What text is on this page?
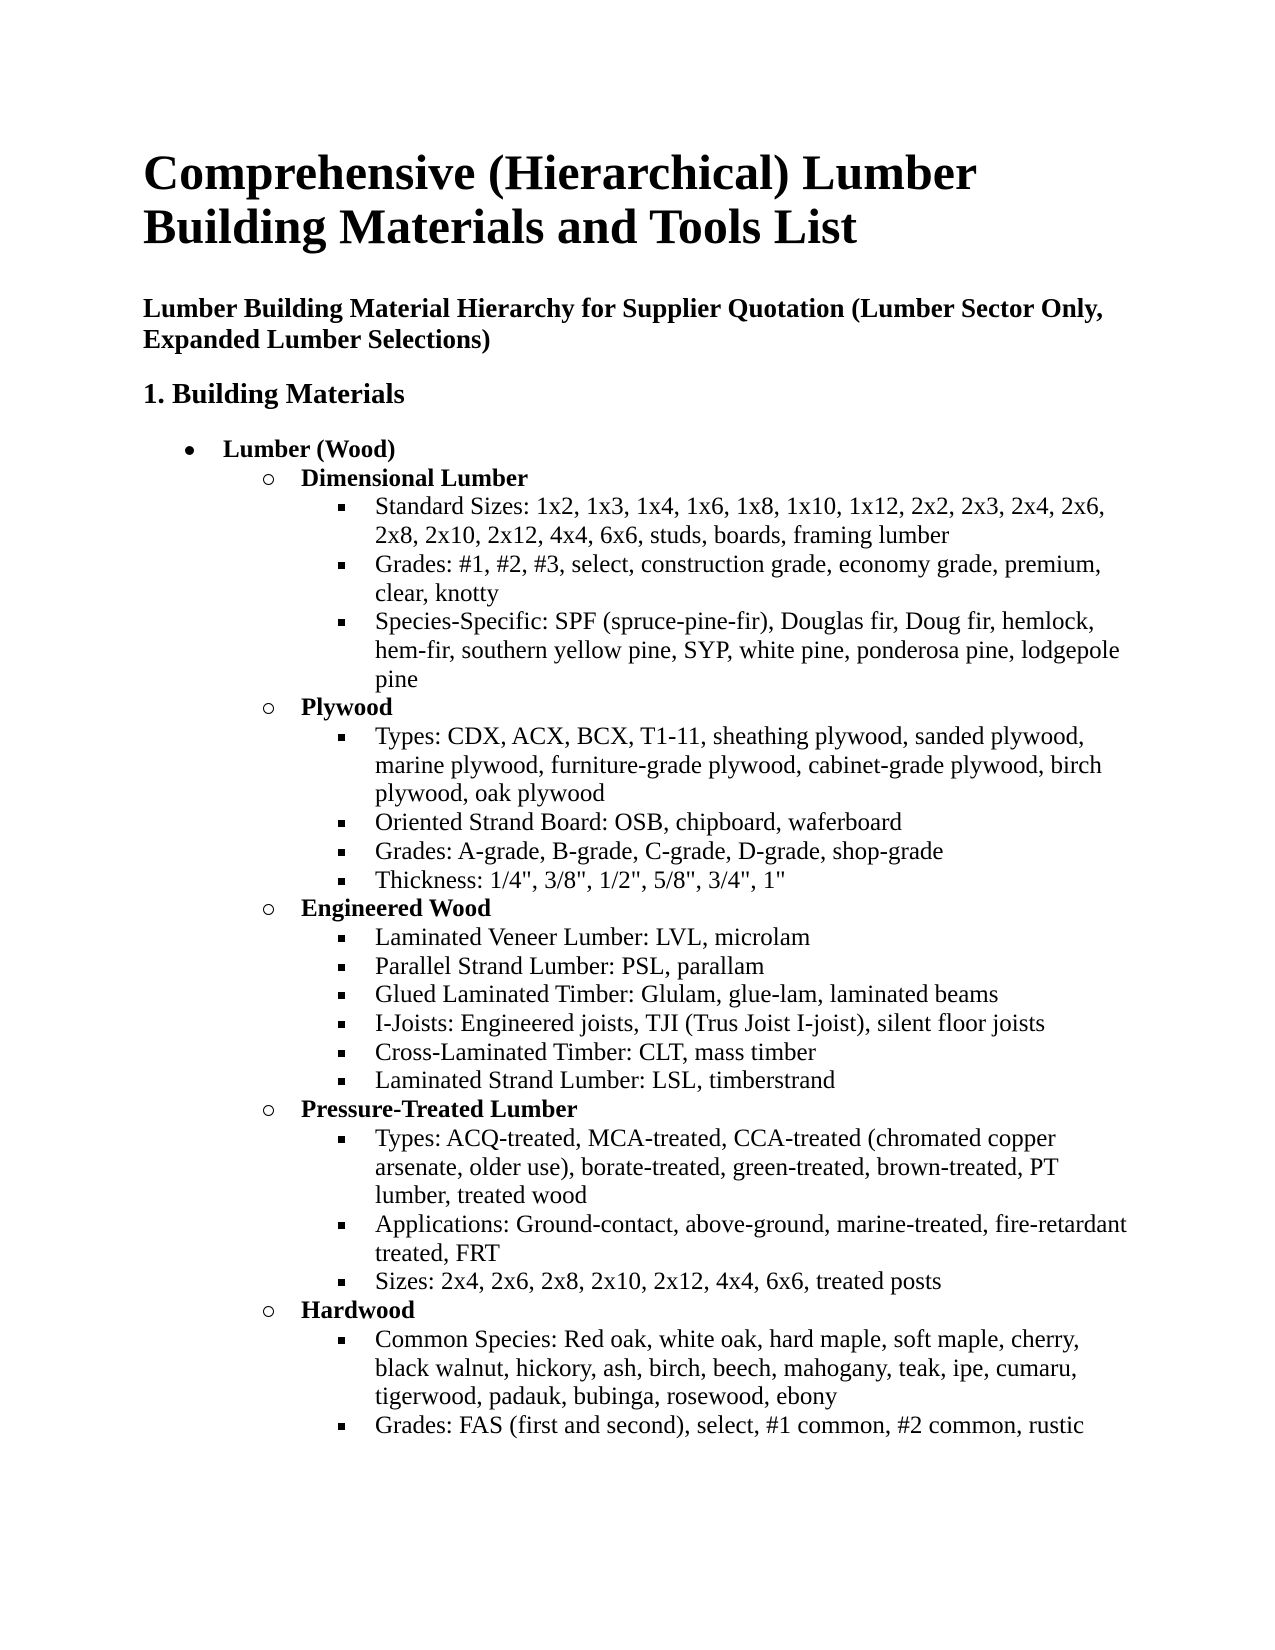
Comprehensive (Hierarchical) Lumber Building Materials and Tools List
Lumber Building Material Hierarchy for Supplier Quotation (Lumber Sector Only, Expanded Lumber Selections)
1. Building Materials
Lumber (Wood)
Dimensional Lumber
Standard Sizes: 1x2, 1x3, 1x4, 1x6, 1x8, 1x10, 1x12, 2x2, 2x3, 2x4, 2x6, 2x8, 2x10, 2x12, 4x4, 6x6, studs, boards, framing lumber
Grades: #1, #2, #3, select, construction grade, economy grade, premium, clear, knotty
Species-Specific: SPF (spruce-pine-fir), Douglas fir, Doug fir, hemlock, hem-fir, southern yellow pine, SYP, white pine, ponderosa pine, lodgepole pine
Plywood
Types: CDX, ACX, BCX, T1-11, sheathing plywood, sanded plywood, marine plywood, furniture-grade plywood, cabinet-grade plywood, birch plywood, oak plywood
Oriented Strand Board: OSB, chipboard, waferboard
Grades: A-grade, B-grade, C-grade, D-grade, shop-grade
Thickness: 1/4", 3/8", 1/2", 5/8", 3/4", 1"
Engineered Wood
Laminated Veneer Lumber: LVL, microlam
Parallel Strand Lumber: PSL, parallam
Glued Laminated Timber: Glulam, glue-lam, laminated beams
I-Joists: Engineered joists, TJI (Trus Joist I-joist), silent floor joists
Cross-Laminated Timber: CLT, mass timber
Laminated Strand Lumber: LSL, timberstrand
Pressure-Treated Lumber
Types: ACQ-treated, MCA-treated, CCA-treated (chromated copper arsenate, older use), borate-treated, green-treated, brown-treated, PT lumber, treated wood
Applications: Ground-contact, above-ground, marine-treated, fire-retardant treated, FRT
Sizes: 2x4, 2x6, 2x8, 2x10, 2x12, 4x4, 6x6, treated posts
Hardwood
Common Species: Red oak, white oak, hard maple, soft maple, cherry, black walnut, hickory, ash, birch, beech, mahogany, teak, ipe, cumaru, tigerwood, padauk, bubinga, rosewood, ebony
Grades: FAS (first and second), select, #1 common, #2 common, rustic
